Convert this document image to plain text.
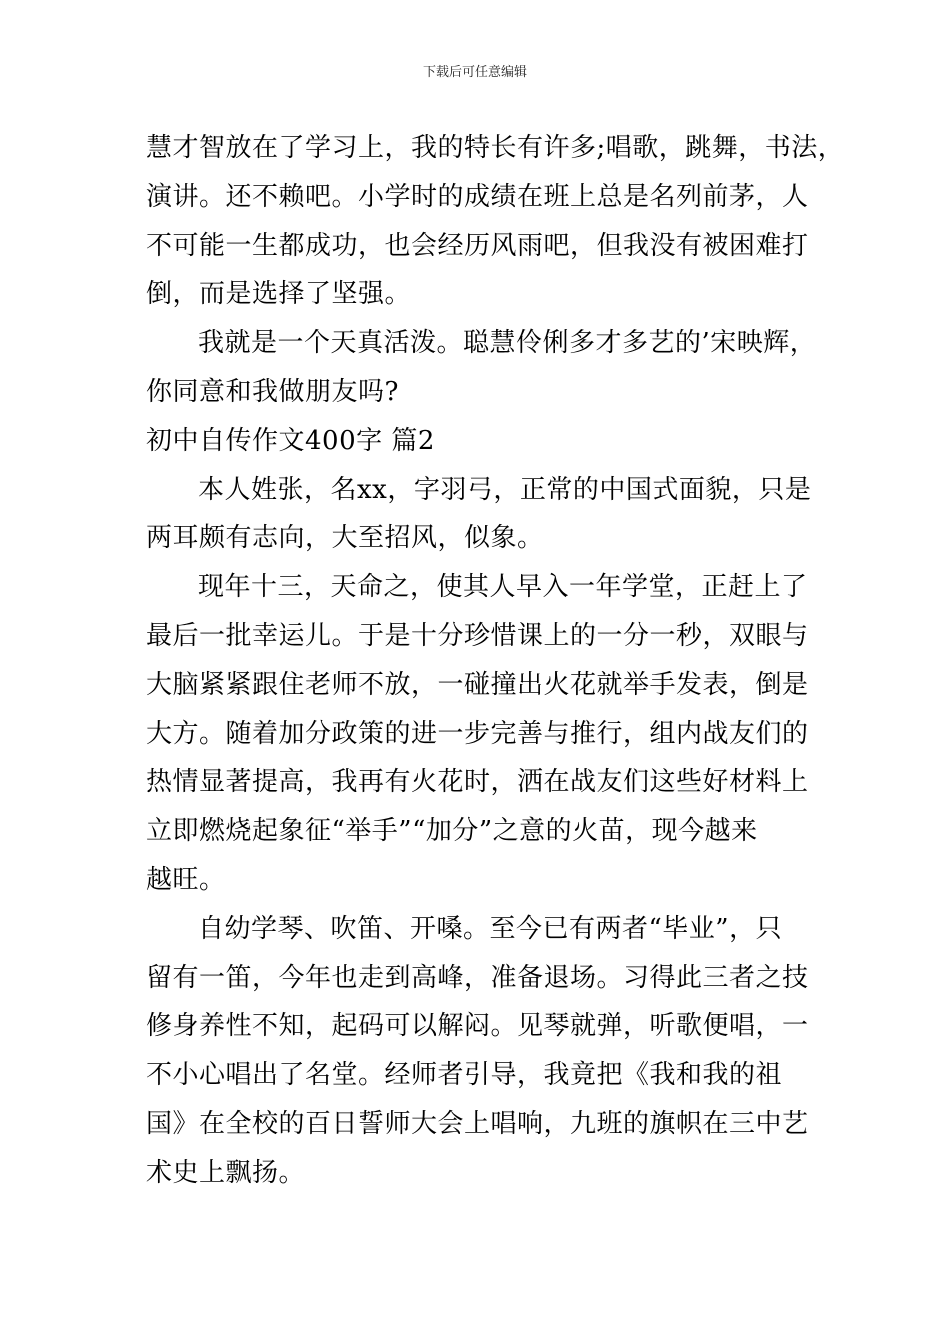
下载后可任意编辑
慧才智放在了学习上，我的特长有许多;唱歌，跳舞，书法，
演讲。还不赖吧。小学时的成绩在班上总是名列前茅，人
不可能一生都成功，也会经历风雨吧，但我没有被困难打
倒，而是选择了坚强。
我就是一个天真活泼。聪慧伶俐多才多艺的’宋映辉，
你同意和我做朋友吗?
初中自传作文400字 篇2
本人姓张，名xx，字羽弓，正常的中国式面貌，只是
两耳颇有志向，大至招风，似象。
现年十三，天命之，使其人早入一年学堂，正赶上了
最后一批幸运儿。于是十分珍惜课上的一分一秒，双眼与
大脑紧紧跟住老师不放，一碰撞出火花就举手发表，倒是
大方。随着加分政策的进一步完善与推行，组内战友们的
热情显著提高，我再有火花时，洒在战友们这些好材料上
立即燃烧起象征“举手”“加分”之意的火苗，现今越来
越旺。
自幼学琴、吹笛、开嗓。至今已有两者“毕业”，只
留有一笛，今年也走到高峰，准备退场。习得此三者之技
修身养性不知，起码可以解闷。见琴就弹，听歌便唱，一
不小心唱出了名堂。经师者引导，我竟把《我和我的祖
国》在全校的百日誓师大会上唱响，九班的旗帜在三中艺
术史上飘扬。
